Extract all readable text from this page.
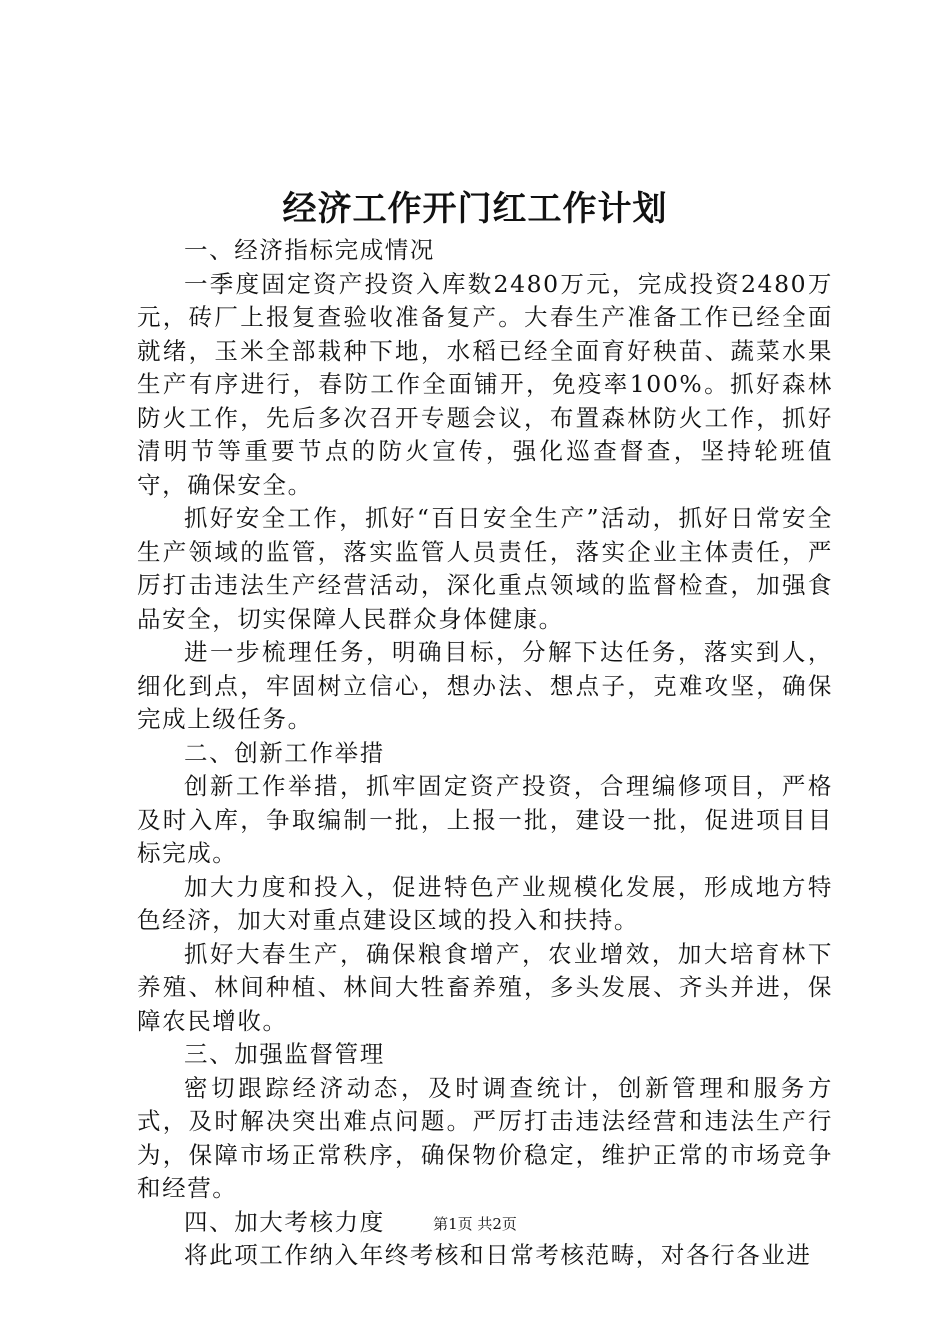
经济工作开门红工作计划

一、经济指标完成情况

一季度固定资产投资入库数2480万元，完成投资2480万元，砖厂上报复查验收准备复产。大春生产准备工作已经全面就绪，玉米全部栽种下地，水稻已经全面育好秧苗、蔬菜水果生产有序进行，春防工作全面铺开，免疫率100%。抓好森林防火工作，先后多次召开专题会议，布置森林防火工作，抓好清明节等重要节点的防火宣传，强化巡查督查，坚持轮班值守，确保安全。

抓好安全工作，抓好“百日安全生产”活动，抓好日常安全生产领域的监管，落实监管人员责任，落实企业主体责任，严厉打击违法生产经营活动，深化重点领域的监督检查，加强食品安全，切实保障人民群众身体健康。

进一步梳理任务，明确目标，分解下达任务，落实到人，细化到点，牢固树立信心，想办法、想点子，克难攻坚，确保完成上级任务。

二、创新工作举措

创新工作举措，抓牢固定资产投资，合理编修项目，严格及时入库，争取编制一批，上报一批，建设一批，促进项目目标完成。

加大力度和投入，促进特色产业规模化发展，形成地方特色经济，加大对重点建设区域的投入和扶持。

抓好大春生产，确保粮食增产，农业增效，加大培育林下养殖、林间种植、林间大牲畜养殖，多头发展、齐头并进，保障农民增收。

三、加强监督管理

密切跟踪经济动态，及时调查统计，创新管理和服务方式，及时解决突出难点问题。严厉打击违法经营和违法生产行为，保障市场正常秩序，确保物价稳定，维护正常的市场竞争和经营。

四、加大考核力度

将此项工作纳入年终考核和日常考核范畴，对各行各业进

第1页 共2页
